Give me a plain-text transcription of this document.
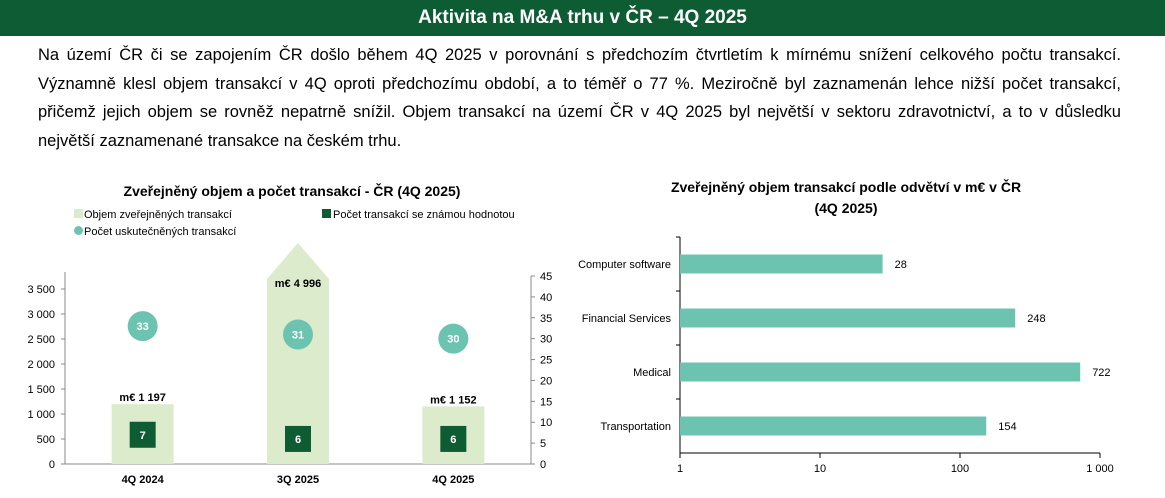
Aktivita na M&A trhu v ČR – 4Q 2025

Na území ČR či se zapojením ČR došlo během 4Q 2025 v porovnání s předchozím čtvrtletím k mírnému snížení celkového počtu transakcí. Významně klesl objem transakcí v 4Q oproti předchozímu období, a to téměř o 77 %. Meziročně byl zaznamenán lehce nižší počet transakcí, přičemž jejich objem se rovněž nepatrně snížil. Objem transakcí na území ČR v 4Q 2025 byl největší v sektoru zdravotnictví, a to v důsledku největší zaznamenané transakce na českém trhu.

Zveřejněný objem a počet transakcí - ČR (4Q 2025)
Objem zveřejněných transakcí	Počet transakcí se známou hodnotou
Počet uskutečněných transakcí
0
500
1 000
1 500
2 000
2 500
3 000
3 500
0
5
10
15
20
25
30
35
40
45
m€ 1 197
7
33
4Q 2024
m€ 4 996
6
31
3Q 2025
m€ 1 152
6
30
4Q 2025
Zveřejněný objem transakcí podle odvětví v m€ v ČR
(4Q 2025)
1	10	100	1 000
Computer software	28
Financial Services	248
Medical	722
Transportation	154
